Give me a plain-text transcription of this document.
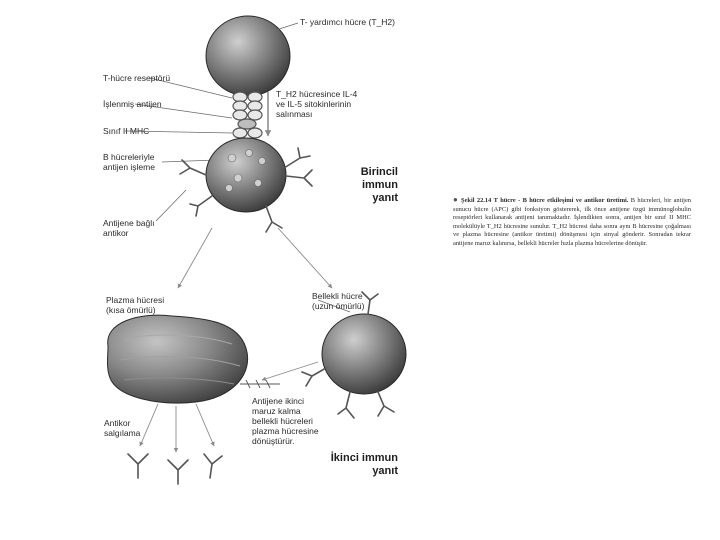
T- yardımcı hücre (T_H2)
T-hücre reseptörü
İşlenmiş antijen
Sınıf II MHC
B hücreleriyle
antijen işleme
T_H2 hücresince IL-4
ve IL-5 sitokinlerinin
salınması
Birincil
immun
yanıt
Antijene bağlı
antikor
Plazma hücresi
(kısa ömürlü)
Bellekli hücre
(uzun ömürlü)
Antijene ikinci
maruz kalma
bellekli hücreleri
plazma hücresine
dönüştürür.
Antikor
salgılama
İkinci immun
yanıt
● Şekil 22.14 T hücre - B hücre etkileşimi ve antikor üretimi. B hücreleri, bir antijen sunucu hücre (APC) gibi fonksiyon göstererek, ilk önce antijene özgü immünoglobulin reseptörleri kullanarak antijeni tanımaktadır. İşlendikten sonra, antijen bir sınıf II MHC molekülüyle T_H2 hücresine sunulur. T_H2 hücresi daha sonra aynı B hücresine çoğalması ve plazma hücresine (antikor üretimi) dönüşmesi için sinyal gönderir. Sonradan tekrar antijene maruz kalınırsa, bellekli hücreler hızla plazma hücrelerine dönüşür.
